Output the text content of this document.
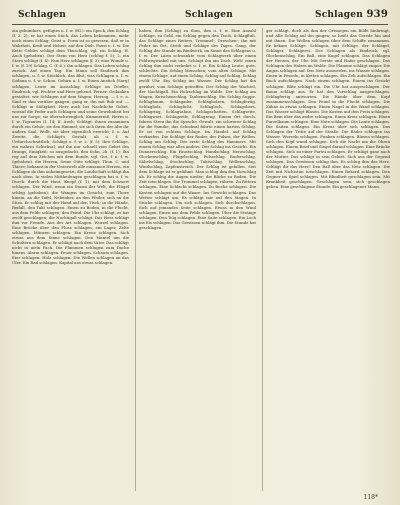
Schlagen	Schlagen	Schlagen 939

ein gebundnes, gefügtes u. f. w. (Hl.): ein Speck, den Schlag (f. 3. 2); er hat einen Stich, das Leben bekommen, mehr noch einen Schlag; Geist u. Form ist so gewesen, daß er in Wahrheit, Kraft und Hoheit, auf den Dieb. Faust u. f. w. Die Kette Goldes schlägt dem Thuschlag, vgl. ein Schlag. H. Auch (gehoben). Der Stein von Herz (schlug f. 5); 2. ein Stern schlägt (f. 4). Nun Herz schlagen (f. 3); eine Wunde u. f. w. (f. 19) Schlag. C. (f. 6.): ihn schlagen. Das Leben schlug zurück. Auf einen Tag: Ein Mann soll Eindruck ihm schlagen, u. f. w. Stücklich, das Blut, was Schlagen u. f. w. Sodann u. f. w. Schon. Gehirn u. f. w. Einen Anstich (Sarg) schlagen, Leute im Ausschlag, Schläge im Dörfler, Eindruck; vgl. Fechter und Herz gehend. Ferner: Gedanken gestaltet, wie Schlagen auf dem Wagen, Herzog. — f. e. a. Sind er ihm vorüber gangen, gang er, ihn mit Ruh auf. — Schlägt in Süßigkeit. Herr auch bei Nachtliche Gebet, worauf die Feder auch Schlagen und seine Gewohnheit bei uns zur Sorge; sie überschwenglich, Kümmerniß, Herrn u. f. w. Tigrantes II. 14; II. Auch: Schlägt: ihnen zusammen durch ein Gehör; sie den Himmel; sie sich ihren der Alte ihr andern Saal, Wollt, sie über eigentlich erreicht; f. e. Auf Zweite, die, Schlägt's Gestalt, ab u. f. w. Urdurchschnittlich; Schlägt u. f. w. 2. (f. 5): Ihre Schläge, ein wahres Schicksal; auf ihn nur schnell vom Gebet des Drangs, Einigkeit: so ausgedacht, den Sohn, 2b. (f. 1): Ihn reg auf dem Zeichen mit dem Bunde, vgl. Gut, f. n. f. w. (gehoben), die Herren, Seine Güte schlägt; Thun. C. und Thiere; bekannt in der Unterwelt alle einsamen Herzen, ein Schlagen da ihm anheimgesetzt, die Landschaft schlägt ihn nach oben. In vielen Mittheilungen geschlagen hat u. f. w. Durch: durch die Haut, Knopf (f. 1), mit dem Schwert schlagen. Der Wind, wenn ein Sturm der Welt, die Flügel schlug (gehoben): die Wangen im Gesicht, zum Thore hinein, an die Tafel, Nebenher, an den Pfeiler, sich an die Stirn. Er schlug mit der Hand auf den Tisch; in die Hände, Beifall, den Takt schlagen. Einen zu Boden, in die Flucht, aus dem Felde schlagen; den Feind. Die Uhr schlägt, es hat zwölf geschlagen; die Nachtigall schlägt. Das Herz schlägt ihm vor Freude. Aus der Art schlagen. Wurzel schlagen. Eine Brücke über den Fluss schlagen; ein Lager, Zelte schlagen. Münzen schlagen. Ein Kreuz schlagen. Sich etwas aus dem Sinne schlagen. Den Mantel um die Schultern schlagen. Er schlägt nach dem Vater. Das schlägt nicht in mein Fach. Die Flammen schlugen zum Dache hinaus. Alarm schlagen. Feuer schlagen. Schaum schlagen. Eier schlagen. Holz schlagen. Die Wellen schlagen an das Ufer. Ein Rad schlagen. Kapital aus etwas schlagen.

haben, ihm (Schlag) zu thun, ihm u. f. w. Eine Anzahl Schläge, zu Geld, ein Schlag gegen den Tisch, Schlagfluß, das Schläge eines Reiters, Trommel-, Dreschen-; ihn mit Feder im Ort, Stroh und Schläge des Tages. Gang, der Schlag der Stunde im Bindwerk, im Sinne des Schlagens u. f. w. Der Lärm schwankte vom Schlagwerk über einen Feldwegwinkel mit uns. Schlagt ihn am Dach. Weh! einen Schlag ihm nicht verkehrt u. f. w. Ein Schlag Leute: gute, schlechte. Ein Schlag Menschen; vom alten Schlage. Mit einem Schlage, auf einen Schlag. Schlag auf Schlag. Schlag zwölf Uhr. Ein Schlag ins Wasser. Der Schlag hat ihn gerührt; vom Schlage getroffen. Der Schlag der Wachtel, der Nachtigall. Ein Holzschlag im Walde. Der Schlag am Wagen, Kutschenschlag. Taubenschlag. Ein Schlag Suppe. Schlagbaum, Schlagader, Schlagbolzen, Schlagfertig, Schlagholz, Schlaglicht, Schlagloch, Schlagobers, Schlagring, Schlagsahne, Schlagschatten, Schlagseite, Schlagwort, Schlagzeile, Schlagzeug. Einem Ort durch, fahren Streu ihn die Sprache, Gewalt, ein schwerer Schlag für die Familie; das Schicksal führte einen harten Schlag. Er ist von echtem Schlage. Im Handel: auf Schlag verkaufen. Die Schläge der Ruder, des Pulses, der Wellen. Schlag um Schlag. Der erste Schlag des Hammers. Mit einem Schlag war alles anders. Der Schlag ins Gesicht. Ein Donnerschlag. Ein Faustschlag, Handschlag, Herzschlag, Glockenschlag, Flügelschlag, Pulsschlag, Ruderschlag, Säbelschlag, Stockschlag, Taktschlag, Wellenschlag, Windschlag, Zapfenstreich. Der Schlag ist gefallen. Seit dem Schlage ist er gelähmt. Man schlug ihm den Vorschlag ab. Er schlug die Augen nieder; die Blicke zu Boden. Die Zeit totschlagen. Die Trommel schlagen, rühren. Zu Rittern schlagen. Eine Schlacht schlagen. Zu Buche schlagen. Die Kosten schlagen auf die Waare. Ins Gewicht schlagen. Das Wetter schlägt um. Es schlägt mir auf den Magen. In Stücke schlagen. Um sich schlagen. Sich durchschlagen. Sich auf jemandes Seite schlagen. Etwas in den Wind schlagen. Einen aus dem Felde schlagen. Über die Stränge schlagen. Den Teig schlagen. Eine Saite schlagen. Ein Loch ins Eis schlagen. Das Gewissen schlägt ihm. Die Stunde hat geschlagen.

ger schlägt, doch als ihm der Ortssegen ein Bilde hinbringt, und Alle Schlag auf ihn gingen; so heißt das Gerede hin und mit ihnen: Die Wellen schlugen über dem Schiffe zusammen. Er bekam Schläge. Schlagen, mit Schläge, der Schlägel, Schläger, Schlägerei. Des Schlagen als Eindruck, vgl. Glockenschlag. Ein Ball, eine Kugel schlagen. Das Schlagen der Herzen, der Uhr. Mit Gerste und Hafer geschlagen. Das Schlagen des Holzes im Walde. Die Flamme schlägt empor. Die Augen schlagen auf. Das Netz auswerfen, ins Wasser schlagen. Einen in Fesseln, in Ketten schlagen. Ein Zelt aufschlagen. Ein Buch aufschlagen. Nach einem schlagen. Einem ins Gesicht schlagen. Blitz schlägt ein. Die Uhr hat ausgeschlagen. Der Baum schlägt aus. Er hat den Vorschlag ausgeschlagen. Schlagfertig antworten. Die Hände über dem Kopf zusammenschlagen. Den Feind in die Flucht schlagen. Die Zähne in etwas schlagen. Einen Nagel in die Wand schlagen. Das Wasser schlägt Blasen. Die Kosten auf den Preis schlagen. Ein Bein über das andre schlagen. Einen Kreis schlagen. Einen Purzelbaum schlagen. Eine Note schlagen. Die Laute schlagen. Die Saiten schlagen. Ein Kreuz über sich schlagen. Das Schlagen der Tritte auf der Straße. Die Räder schlugen ins Wasser. Wurzeln schlagen. Funken schlagen. Blasen schlagen. Sich den Kopf wund schlagen. Sich die Nacht um die Ohren schlagen. Einem Brief und Siegel darauf schlagen. Eine Brücke schlagen. Sich zu einer Partei schlagen. Er schlägt ganz nach der Mutter. Das schlägt in sein Gebiet. Sich aus der Gegend schlagen. Das Gewissen schlug ihm. Es schlug ihm das Herz. Schlägt dir das Herz? Den Ball über das Netz schlagen. Die Zeit mit Nichtstun totschlagen. Einen Rekord schlagen. Den Gegner im Spiel schlagen. Mit Blindheit geschlagen sein. Mit Krankheit geschlagen. Geschlagen sein, sich geschlagen geben. Eine geschlagene Stunde. Ein geschlagener Mann.

118*
